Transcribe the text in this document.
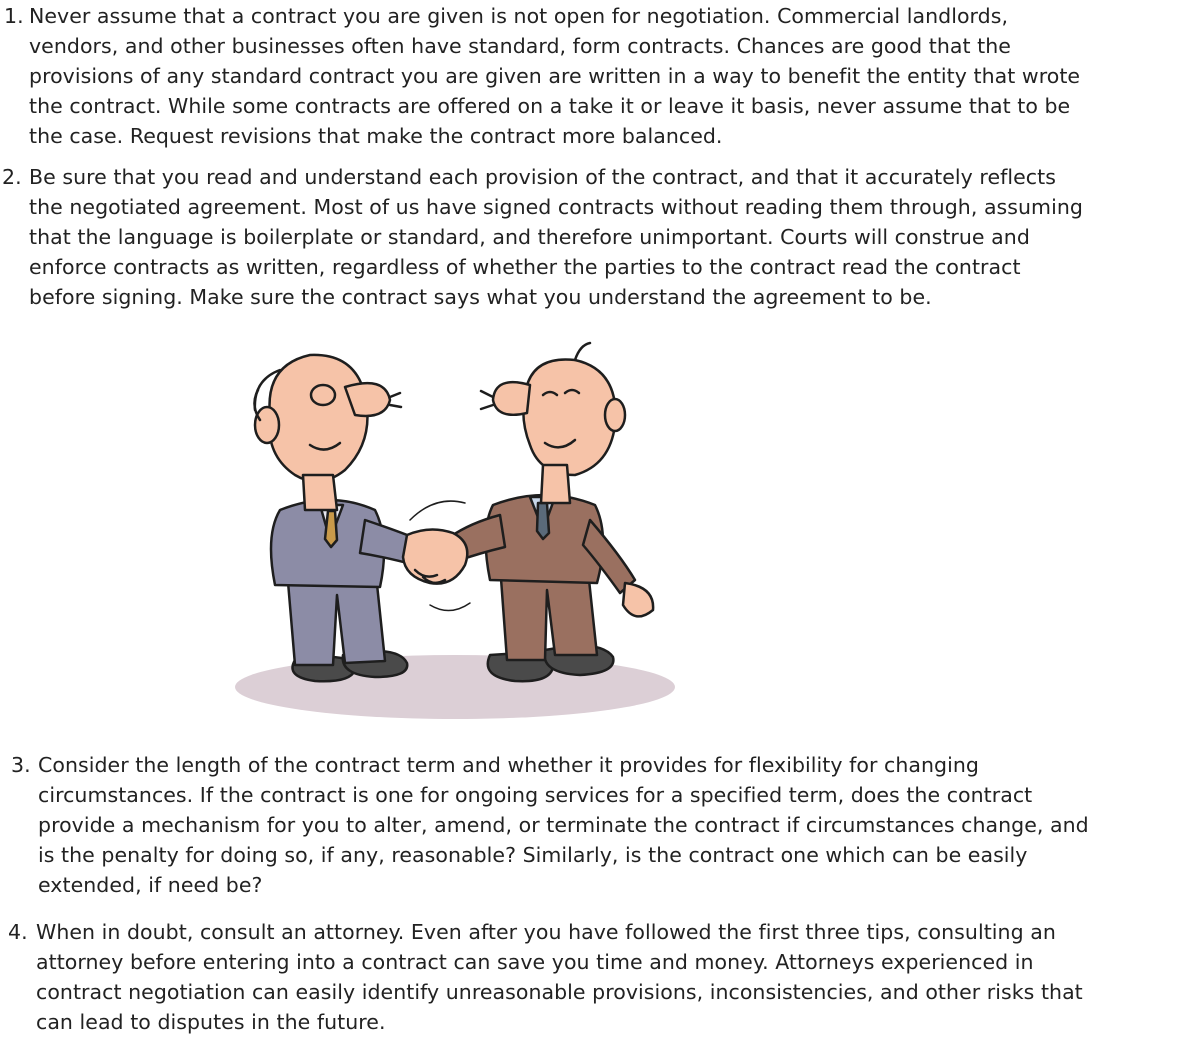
1. Never assume that a contract you are given is not open for negotiation. Commercial landlords,
vendors, and other businesses often have standard, form contracts. Chances are good that the
provisions of any standard contract you are given are written in a way to benefit the entity that wrote
the contract. While some contracts are offered on a take it or leave it basis, never assume that to be
the case. Request revisions that make the contract more balanced.
2. Be sure that you read and understand each provision of the contract, and that it accurately reflects
the negotiated agreement. Most of us have signed contracts without reading them through, assuming
that the language is boilerplate or standard, and therefore unimportant. Courts will construe and
enforce contracts as written, regardless of whether the parties to the contract read the contract
before signing. Make sure the contract says what you understand the agreement to be.
3. Consider the length of the contract term and whether it provides for flexibility for changing
circumstances. If the contract is one for ongoing services for a specified term, does the contract
provide a mechanism for you to alter, amend, or terminate the contract if circumstances change, and
is the penalty for doing so, if any, reasonable? Similarly, is the contract one which can be easily
extended, if need be?
4. When in doubt, consult an attorney. Even after you have followed the first three tips, consulting an
attorney before entering into a contract can save you time and money. Attorneys experienced in
contract negotiation can easily identify unreasonable provisions, inconsistencies, and other risks that
can lead to disputes in the future.
